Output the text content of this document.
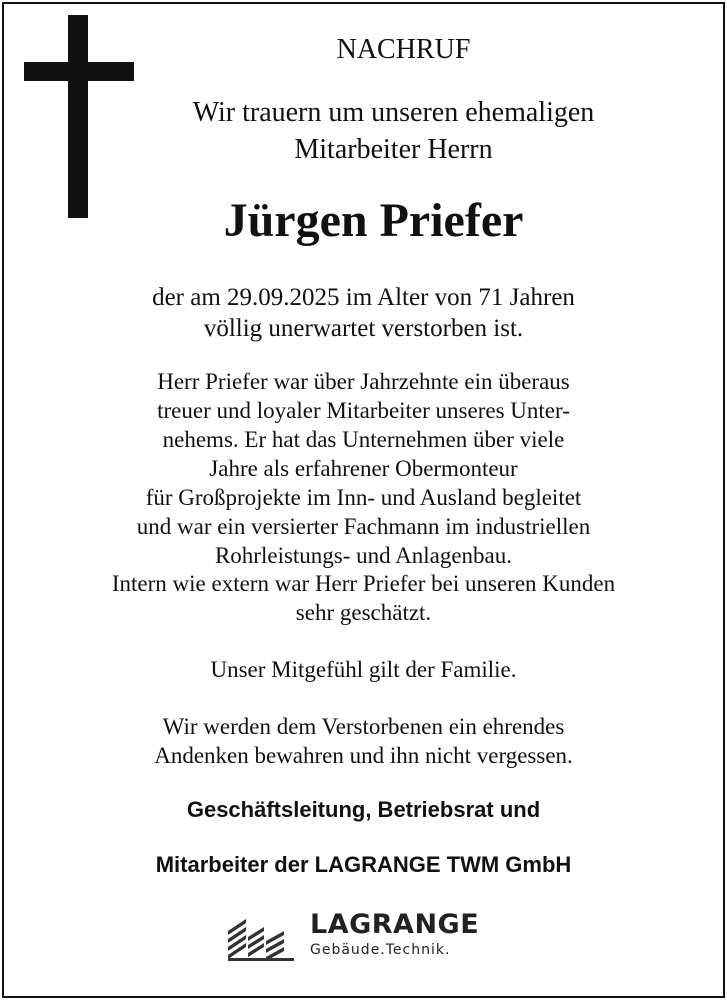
NACHRUF
Wir trauern um unseren ehemaligen
Mitarbeiter Herrn
Jürgen Priefer
der am 29.09.2025 im Alter von 71 Jahren
völlig unerwartet verstorben ist.
Herr Priefer war über Jahrzehnte ein überaus
treuer und loyaler Mitarbeiter unseres Unter-
nehems. Er hat das Unternehmen über viele
Jahre als erfahrener Obermonteur
für Großprojekte im Inn- und Ausland begleitet
und war ein versierter Fachmann im industriellen
Rohrleistungs- und Anlagenbau.
Intern wie extern war Herr Priefer bei unseren Kunden
sehr geschätzt.
Unser Mitgefühl gilt der Familie.
Wir werden dem Verstorbenen ein ehrendes
Andenken bewahren und ihn nicht vergessen.
Geschäftsleitung, Betriebsrat und
Mitarbeiter der LAGRANGE TWM GmbH
LAGRANGE
Gebäude.Technik.
